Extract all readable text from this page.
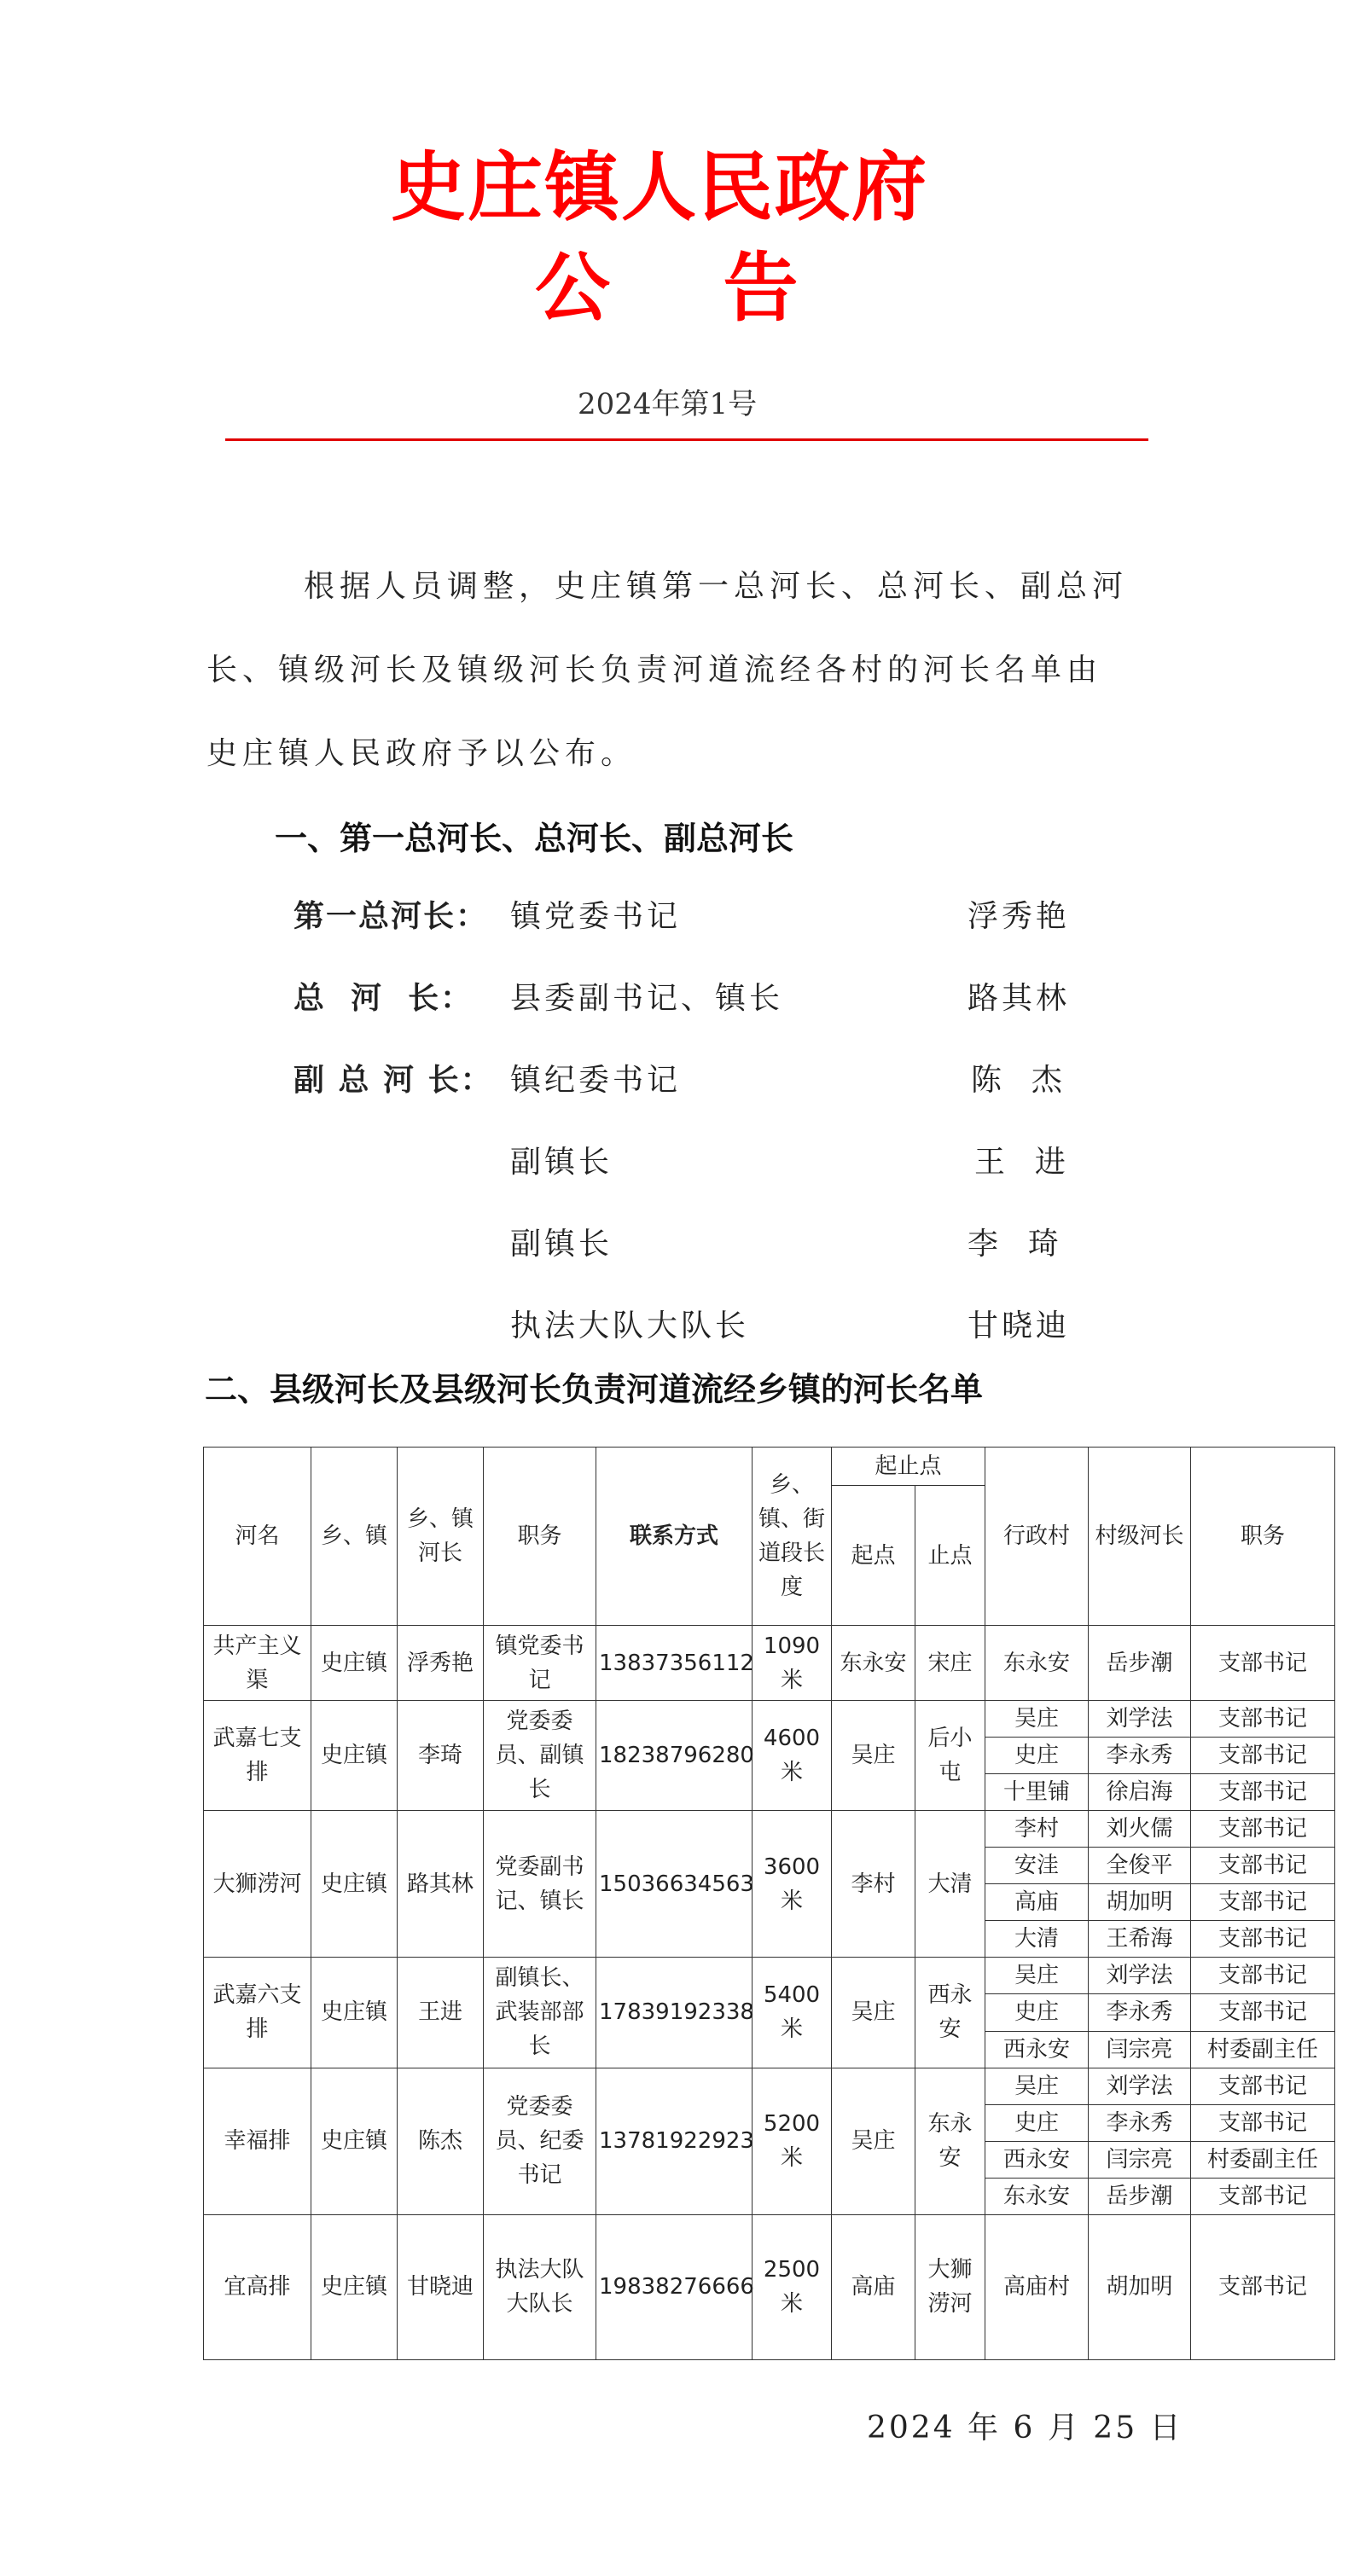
史庄镇人民政府
公    告
2024年第1号
根据人员调整，史庄镇第一总河长、总河长、副总河
长、镇级河长及镇级河长负责河道流经各村的河长名单由
史庄镇人民政府予以公布。
一、第一总河长、总河长、副总河长
第一总河长： 镇党委书记	浮秀艳
总  河  长： 县委副书记、镇长	路其林
副 总 河 长： 镇纪委书记	陈  杰
副镇长	王  进
副镇长	李  琦
执法大队大队长	甘晓迪
二、县级河长及县级河长负责河道流经乡镇的河长名单
河名	乡、镇	乡、镇河长	职务	联系方式	乡、镇、街道段长度	起止点		行政村	村级河长	职务
						起点	止点			
共产主义渠	史庄镇	浮秀艳	镇党委书记	13837356112	1090米	东永安	宋庄	东永安	岳步潮	支部书记
武嘉七支排	史庄镇	李琦	党委委员、副镇长	18238796280	4600米	吴庄	后小屯	吴庄	刘学法	支部书记
								史庄	李永秀	支部书记
								十里铺	徐启海	支部书记
大狮涝河	史庄镇	路其林	党委副书记、镇长	15036634563	3600米	李村	大清	李村	刘火儒	支部书记
								安洼	全俊平	支部书记
								高庙	胡加明	支部书记
								大清	王希海	支部书记
武嘉六支排	史庄镇	王进	副镇长、武装部部长	17839192338	5400米	吴庄	西永安	吴庄	刘学法	支部书记
								史庄	李永秀	支部书记
								西永安	闫宗亮	村委副主任
幸福排	史庄镇	陈杰	党委委员、纪委书记	13781922923	5200米	吴庄	东永安	吴庄	刘学法	支部书记
								史庄	李永秀	支部书记
								西永安	闫宗亮	村委副主任
								东永安	岳步潮	支部书记
宜高排	史庄镇	甘晓迪	执法大队大队长	19838276666	2500米	高庙	大狮涝河	高庙村	胡加明	支部书记
2024 年 6 月 25 日
